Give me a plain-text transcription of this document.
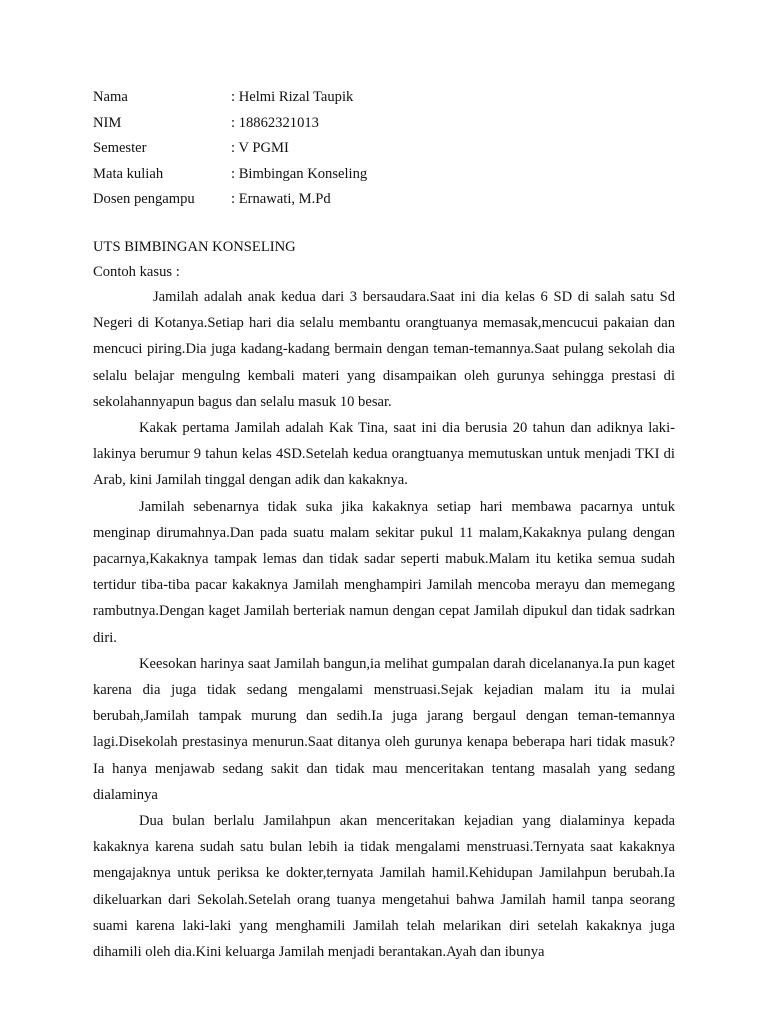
Nama	: Helmi Rizal Taupik
NIM	: 18862321013
Semester	: V PGMI
Mata kuliah	: Bimbingan Konseling
Dosen pengampu : Ernawati, M.Pd
UTS BIMBINGAN KONSELING
Contoh kasus :

Jamilah adalah anak kedua dari 3 bersaudara.Saat ini dia kelas 6 SD di salah satu Sd Negeri di Kotanya.Setiap hari dia selalu membantu orangtuanya memasak,mencucui pakaian dan mencuci piring.Dia juga kadang-kadang bermain dengan teman-temannya.Saat pulang sekolah dia selalu belajar mengulng kembali materi yang disampaikan oleh gurunya sehingga prestasi di sekolahannyapun bagus dan selalu masuk 10 besar.

Kakak pertama Jamilah adalah Kak Tina, saat ini dia berusia 20 tahun dan adiknya laki-lakinya berumur 9 tahun kelas 4SD.Setelah kedua orangtuanya memutuskan untuk menjadi TKI di Arab, kini Jamilah tinggal dengan adik dan kakaknya.

Jamilah sebenarnya tidak suka jika kakaknya setiap hari membawa pacarnya untuk menginap dirumahnya.Dan pada suatu malam sekitar pukul 11 malam,Kakaknya pulang dengan pacarnya,Kakaknya tampak lemas dan tidak sadar seperti mabuk.Malam itu ketika semua sudah tertidur tiba-tiba pacar kakaknya Jamilah menghampiri Jamilah mencoba merayu dan memegang rambutnya.Dengan kaget Jamilah berteriak namun dengan cepat Jamilah dipukul dan tidak sadrkan diri.

Keesokan harinya saat Jamilah bangun,ia melihat gumpalan darah dicelananya.Ia pun kaget karena dia juga tidak sedang mengalami menstruasi.Sejak kejadian malam itu ia mulai berubah,Jamilah tampak murung dan sedih.Ia juga jarang bergaul dengan teman-temannya lagi.Disekolah prestasinya menurun.Saat ditanya oleh gurunya kenapa beberapa hari tidak masuk? Ia hanya menjawab sedang sakit dan tidak mau menceritakan tentang masalah yang sedang dialaminya

Dua bulan berlalu Jamilahpun akan menceritakan kejadian yang dialaminya kepada kakaknya karena sudah satu bulan lebih ia tidak mengalami menstruasi.Ternyata saat kakaknya mengajaknya untuk periksa ke dokter,ternyata Jamilah hamil.Kehidupan Jamilahpun berubah.Ia dikeluarkan dari Sekolah.Setelah orang tuanya mengetahui bahwa Jamilah hamil tanpa seorang suami karena laki-laki yang menghamili Jamilah telah melarikan diri setelah kakaknya juga dihamili oleh dia.Kini keluarga Jamilah menjadi berantakan.Ayah dan ibunya
